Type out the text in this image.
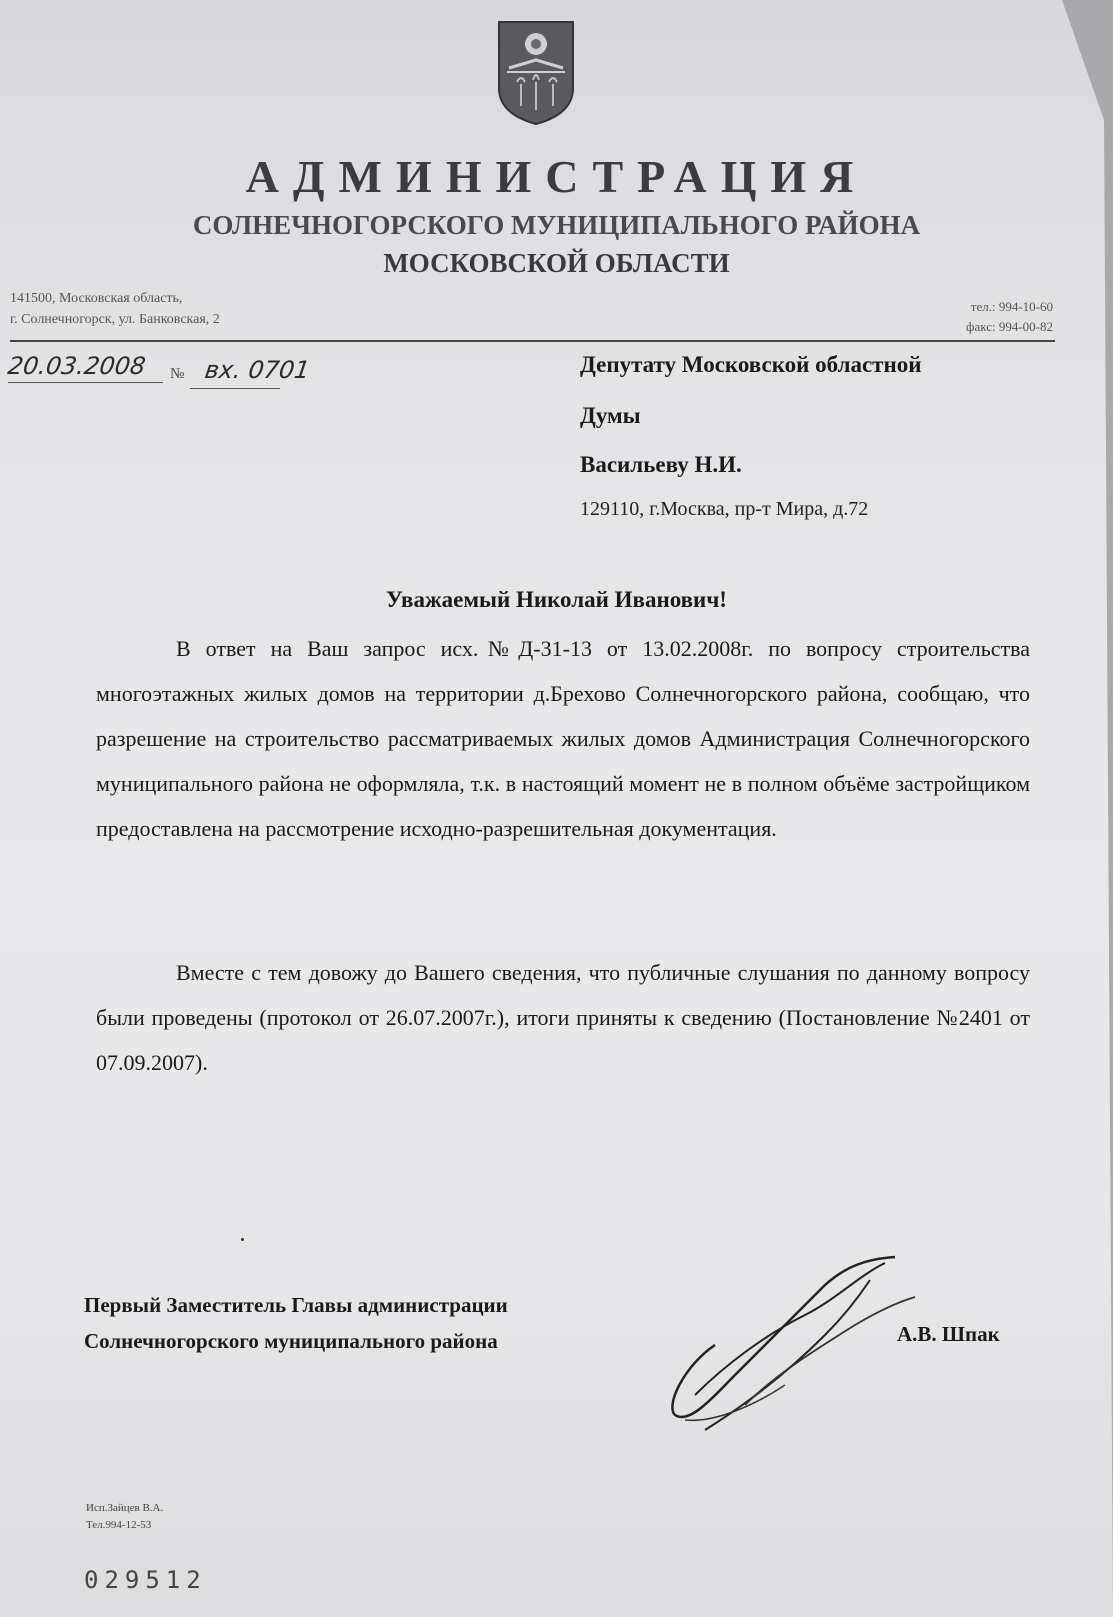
АДМИНИСТРАЦИЯ
СОЛНЕЧНОГОРСКОГО МУНИЦИПАЛЬНОГО РАЙОНА
МОСКОВСКОЙ ОБЛАСТИ
141500, Московская область,
г. Солнечногорск, ул. Банковская, 2
тел.: 994-10-60
факс: 994-00-82
20.03.2008 № вх. 0701	Депутату Московской областной
Думы
Васильеву Н.И.
129110, г.Москва, пр-т Мира, д.72
Уважаемый Николай Иванович!
В ответ на Ваш запрос исх.№Д-31-13 от 13.02.2008г. по вопросу строительства многоэтажных жилых домов на территории д.Брехово Солнечногорского района, сообщаю, что разрешение на строительство рассматриваемых жилых домов Администрация Солнечногорского муниципального района не оформляла, т.к. в настоящий момент не в полном объёме застройщиком предоставлена на рассмотрение исходно-разрешительная документация.
Вместе с тем довожу до Вашего сведения, что публичные слушания по данному вопросу были проведены (протокол от 26.07.2007г.), итоги приняты к сведению (Постановление №2401 от 07.09.2007).
Первый Заместитель Главы администрации
Солнечногорского муниципального района	А.В. Шпак
Исп.Зайцев В.А.
Тел.994-12-53
029512
